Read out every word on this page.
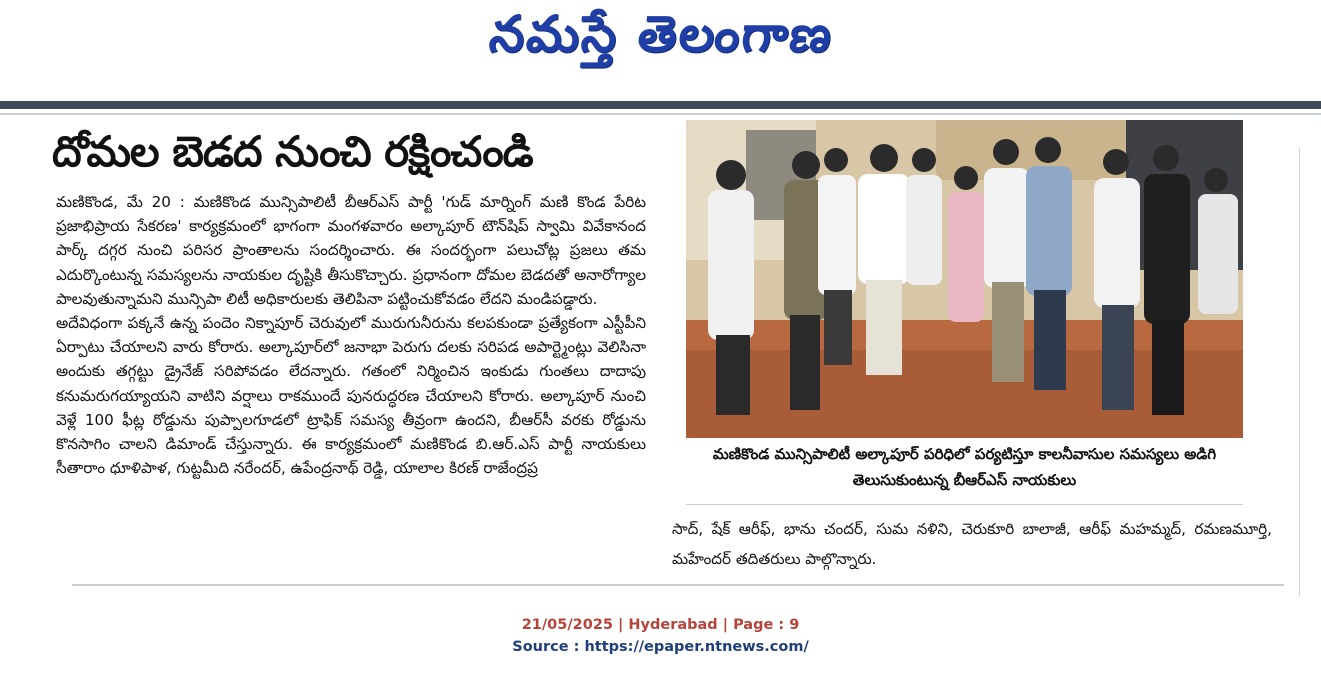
నమస్తే తెలంగాణ
దోమల బెడద నుంచి రక్షించండి

మణికొండ, మే 20 : మణికొండ మున్సిపాలిటీ బీఆర్ఎస్ పార్టీ 'గుడ్ మార్నింగ్ మణి కొండ పేరిట ప్రజాభిప్రాయ సేకరణ' కార్యక్రమంలో భాగంగా మంగళవారం అల్కాపూర్ టౌన్‌షిప్ స్వామి వివేకానంద పార్క్ దగ్గర నుంచి పరిసర ప్రాంతాలను సందర్శించారు. ఈ సందర్భంగా పలుచోట్ల ప్రజలు తమ ఎదుర్కొంటున్న సమస్యలను నాయకుల దృష్టికి తీసుకొచ్చారు. ప్రధానంగా దోమల బెడదతో అనారోగ్యాల పాలవుతున్నామని మున్సిపా లిటీ అధికారులకు తెలిపినా పట్టించుకోవడం లేదని మండిపడ్డారు.

అదేవిధంగా పక్కనే ఉన్న పందెం నిక్నాపూర్ చెరువులో మురుగునీరును కలపకుండా ప్రత్యేకంగా ఎస్టీపీని ఏర్పాటు చేయాలని వారు కోరారు. అల్కాపూర్‌లో జనాభా పెరుగు దలకు సరిపడ అపార్ట్మెంట్లు వెలిసినా అందుకు తగ్గట్టు డ్రైనేజ్ సరిపోవడం లేదన్నారు. గతంలో నిర్మించిన ఇంకుడు గుంతలు దాదాపు కనుమరుగయ్యాయని వాటిని వర్షాలు రాకముందే పునరుద్ధరణ చేయాలని కోరారు. అల్కాపూర్ నుంచి వెళ్లే 100 ఫీట్ల రోడ్డును పుప్పాలగూడలో ట్రాఫిక్ సమస్య తీవ్రంగా ఉందని, బీఆర్‌సీ వరకు రోడ్డును కొనసాగిం చాలని డిమాండ్ చేస్తున్నారు. ఈ కార్యక్రమంలో మణికొండ బి.ఆర్.ఎస్ పార్టీ నాయకులు సీతారాం ధూళిపాళ, గుట్టమీది నరేందర్, ఉపేంద్రనాథ్ రెడ్డి, యాలాల కిరణ్ రాజేంద్రప్ర

మణికొండ మున్సిపాలిటీ అల్కాపూర్ పరిధిలో పర్యటిస్తూ కాలనీవాసుల సమస్యలు అడిగి తెలుసుకుంటున్న బీఆర్ఎస్ నాయకులు
సాద్, షేక్ ఆరీఫ్, భాను చందర్, సుమ నళిని, చెరుకూరి బాలాజీ, ఆరీఫ్ మహమ్మద్, రమణమూర్తి, మహేందర్ తదితరులు పాల్గొన్నారు.
21/05/2025 | Hyderabad | Page : 9
Source : https://epaper.ntnews.com/
